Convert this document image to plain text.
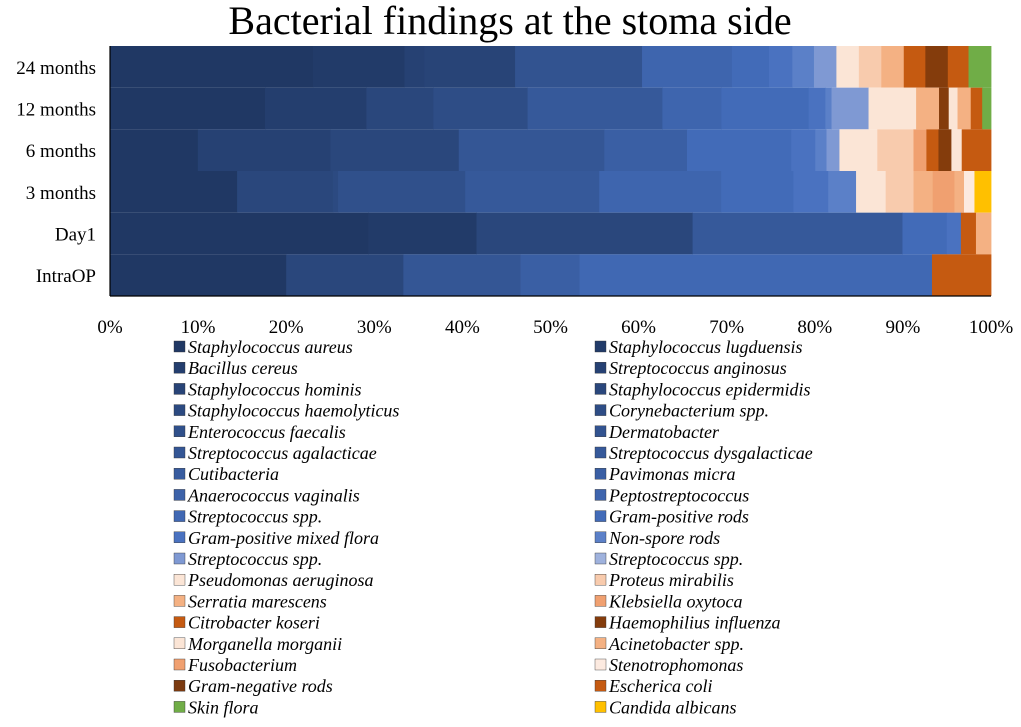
Bacterial findings at the stoma side
24 months
12 months
6 months
3 months
Day1
IntraOP
0%	10%	20%	30%	40%	50%	60%	70%	80%	90%	100%
Staphylococcus aureus	Staphylococcus lugduensis
Bacillus cereus	Streptococcus anginosus
Staphylococcus hominis	Staphylococcus epidermidis
Staphylococcus haemolyticus	Corynebacterium spp.
Enterococcus faecalis	Dermatobacter
Streptococcus agalacticae	Streptococcus dysgalacticae
Cutibacteria	Pavimonas micra
Anaerococcus vaginalis	Peptostreptococcus
Streptococcus spp.	Gram-positive rods
Gram-positive mixed flora	Non-spore rods
Streptococcus spp.	Streptococcus spp.
Pseudomonas aeruginosa	Proteus mirabilis
Serratia marescens	Klebsiella oxytoca
Citrobacter koseri	Haemophilius influenza
Morganella morganii	Acinetobacter spp.
Fusobacterium	Stenotrophomonas
Gram-negative rods	Escherica coli
Skin flora	Candida albicans
